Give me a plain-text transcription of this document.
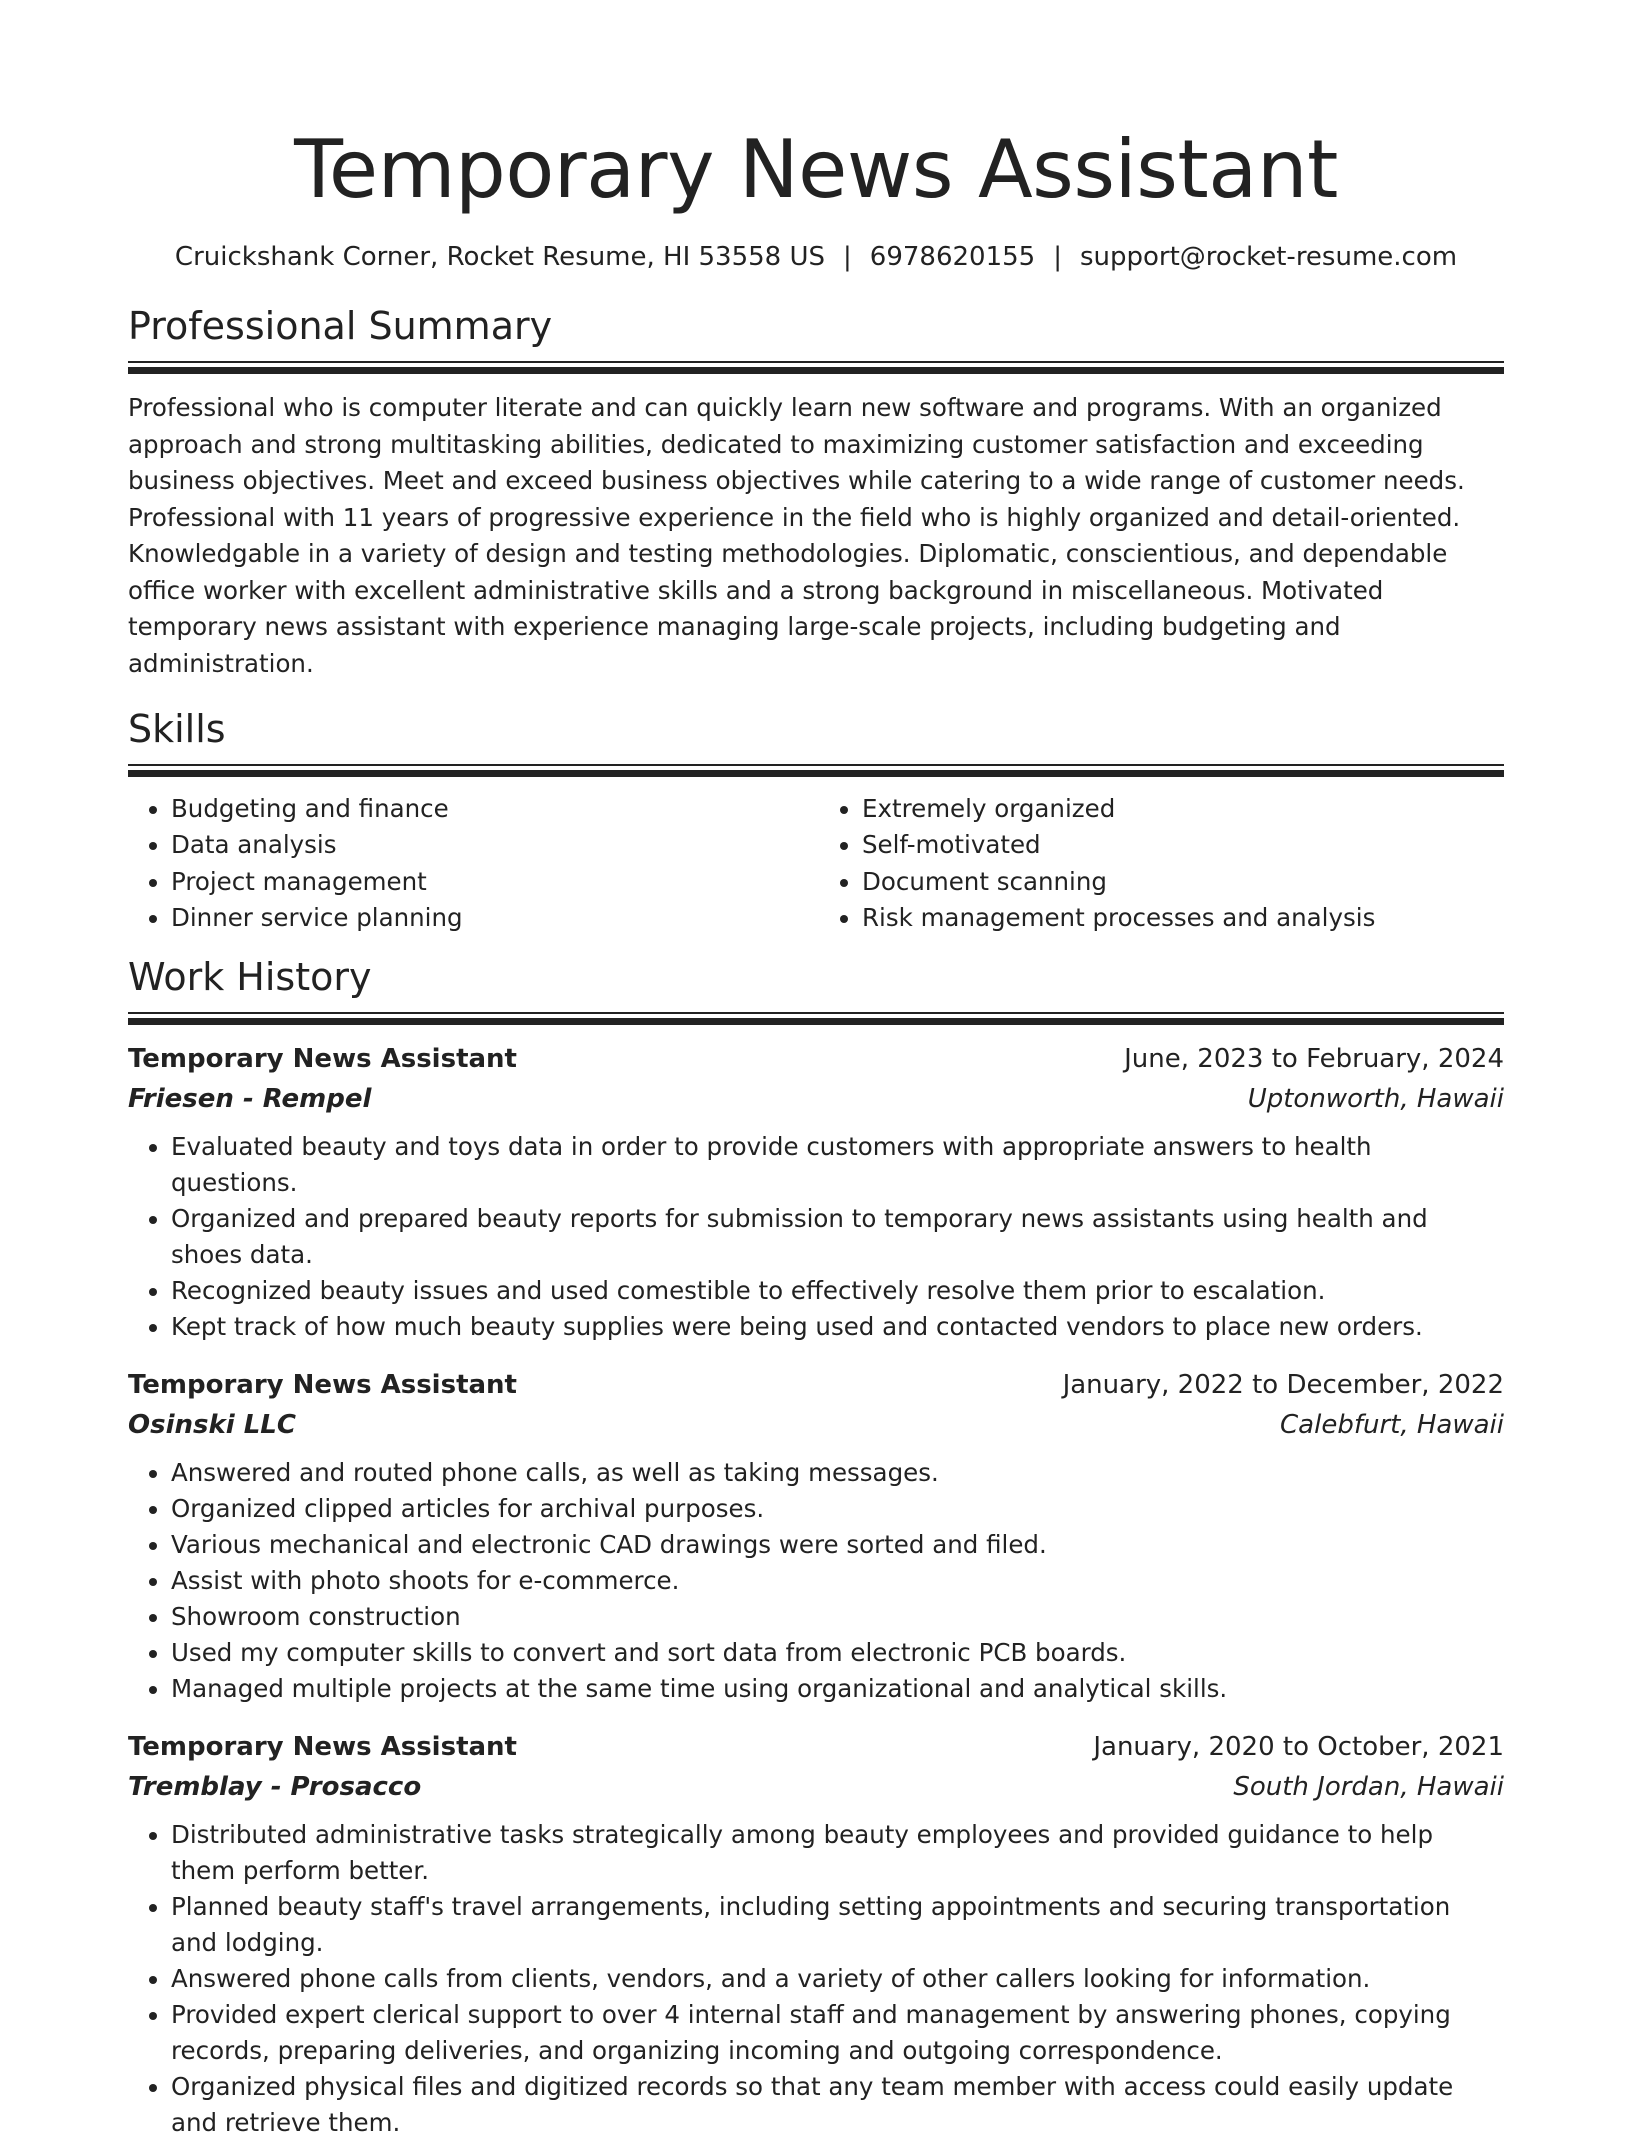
Temporary News Assistant
Cruickshank Corner, Rocket Resume, HI 53558 US | 6978620155 | support@rocket-resume.com
Professional Summary
Professional who is computer literate and can quickly learn new software and programs. With an organized approach and strong multitasking abilities, dedicated to maximizing customer satisfaction and exceeding business objectives. Meet and exceed business objectives while catering to a wide range of customer needs. Professional with 11 years of progressive experience in the field who is highly organized and detail-oriented. Knowledgable in a variety of design and testing methodologies. Diplomatic, conscientious, and dependable office worker with excellent administrative skills and a strong background in miscellaneous. Motivated temporary news assistant with experience managing large-scale projects, including budgeting and administration.
Skills
• Budgeting and finance
• Data analysis
• Project management
• Dinner service planning
• Extremely organized
• Self-motivated
• Document scanning
• Risk management processes and analysis
Work History
Temporary News Assistant	June, 2023 to February, 2024
Friesen - Rempel	Uptonworth, Hawaii
• Evaluated beauty and toys data in order to provide customers with appropriate answers to health questions.
• Organized and prepared beauty reports for submission to temporary news assistants using health and shoes data.
• Recognized beauty issues and used comestible to effectively resolve them prior to escalation.
• Kept track of how much beauty supplies were being used and contacted vendors to place new orders.
Temporary News Assistant	January, 2022 to December, 2022
Osinski LLC	Calebfurt, Hawaii
• Answered and routed phone calls, as well as taking messages.
• Organized clipped articles for archival purposes.
• Various mechanical and electronic CAD drawings were sorted and filed.
• Assist with photo shoots for e-commerce.
• Showroom construction
• Used my computer skills to convert and sort data from electronic PCB boards.
• Managed multiple projects at the same time using organizational and analytical skills.
Temporary News Assistant	January, 2020 to October, 2021
Tremblay - Prosacco	South Jordan, Hawaii
• Distributed administrative tasks strategically among beauty employees and provided guidance to help them perform better.
• Planned beauty staff's travel arrangements, including setting appointments and securing transportation and lodging.
• Answered phone calls from clients, vendors, and a variety of other callers looking for information.
• Provided expert clerical support to over 4 internal staff and management by answering phones, copying records, preparing deliveries, and organizing incoming and outgoing correspondence.
• Organized physical files and digitized records so that any team member with access could easily update and retrieve them.
